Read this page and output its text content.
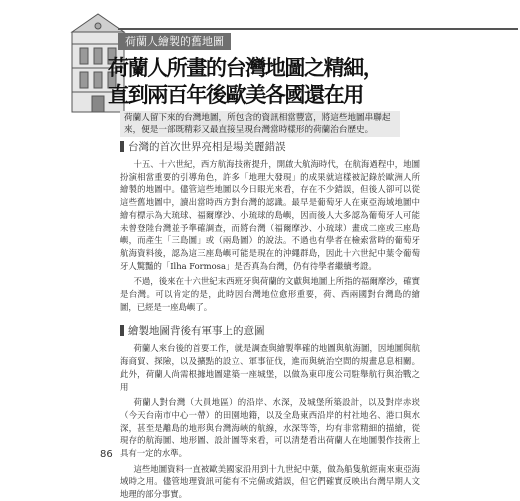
荷蘭人繪製的舊地圖
荷蘭人所畫的台灣地圖之精細，
直到兩百年後歐美各國還在用
荷蘭人留下來的台灣地圖，所包含的資訊相當豐富，將這些地圖串聯起來，便是一部既精彩又最直接呈現台灣當時樣形的荷蘭治台歷史。
台灣的首次世界亮相是場美麗錯誤

十五、十六世紀，西方航海技術提升，開啟大航海時代，在航海過程中，地圖扮演相當重要的引導角色，許多「地理大發現」的成果就這樣被記錄於歐洲人所繪製的地圖中。儘管這些地圖以今日眼光來看，存在不少錯誤，但後人卻可以從這些舊地圖中，讀出當時西方對台灣的認識。最早是葡萄牙人在東亞海域地圖中繪有標示為大琉球、福爾摩沙、小琉球的島嶼，因而後人大多認為葡萄牙人可能未曾登陸台灣並予準確調查，而將台灣（福爾摩沙、小琉球）畫成二座或三座島嶼，而產生「三島圖」或（兩島圖）的說法。不過也有學者在檢索當時的葡萄牙航海資料後，認為這三座島嶼可能是現在的沖繩群島，因此十六世紀中葉令葡萄牙人驚豔的「Ilha Formosa」是否真為台灣，仍有待學者繼續考證。

不過，後來在十六世紀末西班牙與荷蘭的文獻與地圖上所指的福爾摩沙，確實是台灣。可以肯定的是，此時因台灣地位愈形重要，荷、西兩國對台灣島的繪圖，已經是一座島嶼了。

繪製地圖背後有軍事上的意圖

荷蘭人來台後的首要工作，就是調查與繪製準確的地圖與航海圖，因地圖與航海商貿、探險，以及擴點的設立、軍事征伐，進而與統治空間的規畫息息相關。此外，荷蘭人尚需根據地圖建築一座城堡，以做為東印度公司駐舉航行與治戰之用

荷蘭人對台灣（大員地區）的沿岸、水深，及城堡所築設計，以及對岸赤崁（今天台南市中心一帶）的田園地籍，以及全島東西沿岸的村社地名、港口與水深，甚至是離島的地形與台灣海峽的航線，水深等等，均有非常精細的描繪，從現存的航海圖、地形圖、設計圖等來看，可以清楚看出荷蘭人在地圖製作技術上具有一定的水準。

這些地圖資料一直被歐美國家沿用到十九世紀中葉，做為船隻航經南來東亞海域時之用。儘管地理資訊可能有不完備或錯誤，但它們確實反映出台灣早期人文地理的部分事實。

86
